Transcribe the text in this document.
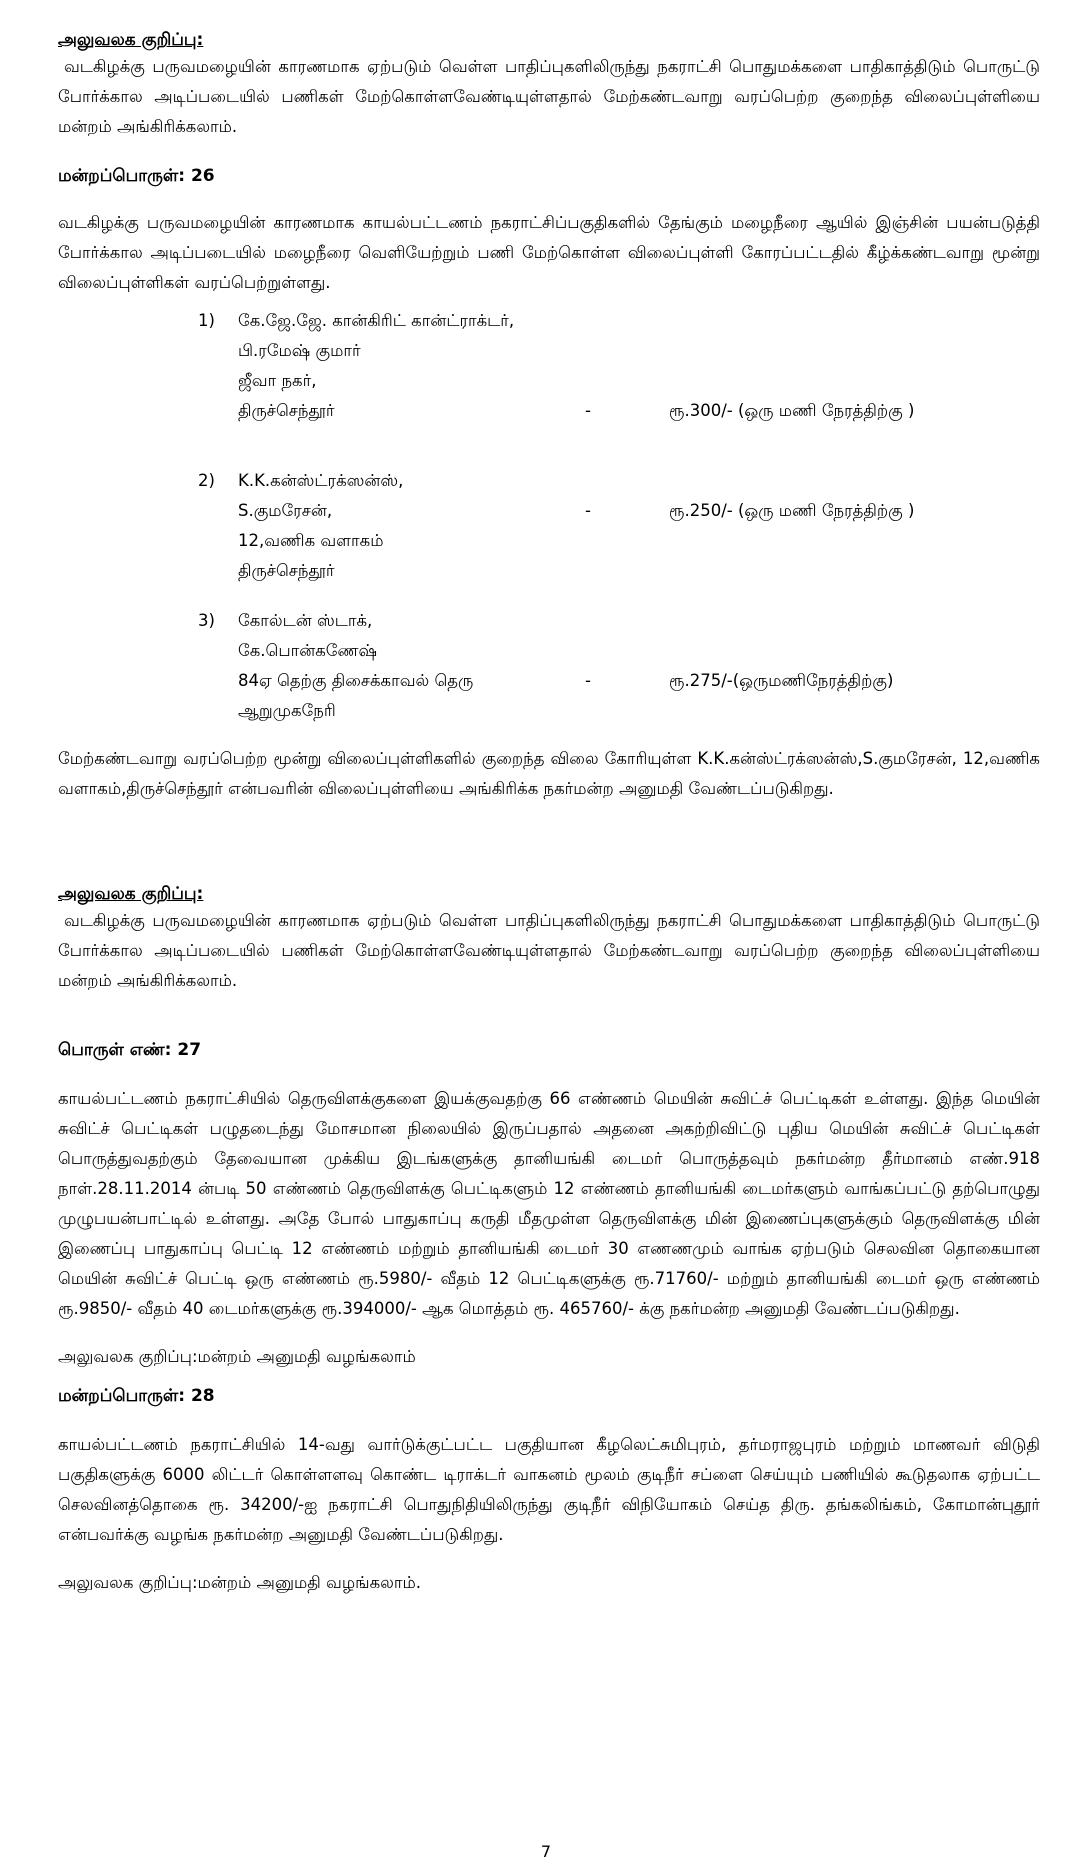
அலுவலக குறிப்பு:

வடகிழக்கு பருவமழையின் காரணமாக ஏற்படும் வெள்ள பாதிப்புகளிலிருந்து நகராட்சி பொதுமக்களை பாதிகாத்திடும் பொருட்டு போர்க்கால அடிப்படையில் பணிகள் மேற்கொள்ளவேண்டியுள்ளதால் மேற்கண்டவாறு வரப்பெற்ற குறைந்த விலைப்புள்ளியை மன்றம் அங்கிரிக்கலாம்.

மன்றப்பொருள்: 26

வடகிழக்கு பருவமழையின் காரணமாக காயல்பட்டணம் நகராட்சிப்பகுதிகளில் தேங்கும் மழைநீரை ஆயில் இஞ்சின் பயன்படுத்தி போர்க்கால அடிப்படையில் மழைநீரை வெளியேற்றும் பணி மேற்கொள்ள விலைப்புள்ளி கோரப்பட்டதில் கீழ்க்கண்டவாறு மூன்று விலைப்புள்ளிகள் வரப்பெற்றுள்ளது.

1)	கே.ஜே.ஜே. கான்கிரிட் கான்ட்ராக்டர்,
பி.ரமேஷ் குமார்
ஜீவா நகர்,
திருச்செந்தூர்	-	ரூ.300/- (ஒரு மணி நேரத்திற்கு )
2)	K.K.கன்ஸ்ட்ரக்ஸன்ஸ்,
S.குமரேசன்,
12,வணிக வளாகம்
திருச்செந்தூர்
-	ரூ.250/- (ஒரு மணி நேரத்திற்கு )
3)	கோல்டன் ஸ்டாக்,
கே.பொன்கணேஷ்
84ஏ தெற்கு திசைக்காவல் தெரு
ஆறுமுகநேரி
-	ரூ.275/-(ஒருமணிநேரத்திற்கு)

மேற்கண்டவாறு வரப்பெற்ற மூன்று விலைப்புள்ளிகளில் குறைந்த விலை கோரியுள்ள K.K.கன்ஸ்ட்ரக்ஸன்ஸ்,S.குமரேசன், 12,வணிக வளாகம்,திருச்செந்தூர் என்பவரின் விலைப்புள்ளியை அங்கிரிக்க நகர்மன்ற அனுமதி வேண்டப்படுகிறது.

அலுவலக குறிப்பு:

வடகிழக்கு பருவமழையின் காரணமாக ஏற்படும் வெள்ள பாதிப்புகளிலிருந்து நகராட்சி பொதுமக்களை பாதிகாத்திடும் பொருட்டு போர்க்கால அடிப்படையில் பணிகள் மேற்கொள்ளவேண்டியுள்ளதால் மேற்கண்டவாறு வரப்பெற்ற குறைந்த விலைப்புள்ளியை மன்றம் அங்கிரிக்கலாம்.

பொருள் எண்: 27

காயல்பட்டணம் நகராட்சியில் தெருவிளக்குகளை இயக்குவதற்கு 66 எண்ணம் மெயின் சுவிட்ச் பெட்டிகள் உள்ளது. இந்த மெயின் சுவிட்ச் பெட்டிகள் பழுதடைந்து மோசமான நிலையில் இருப்பதால் அதனை அகற்றிவிட்டு புதிய மெயின் சுவிட்ச் பெட்டிகள் பொருத்துவதற்கும் தேவையான முக்கிய இடங்களுக்கு தானியங்கி டைமர் பொருத்தவும் நகர்மன்ற தீர்மானம் எண்.918 நாள்.28.11.2014 ன்படி 50 எண்ணம் தெருவிளக்கு பெட்டிகளும் 12 எண்ணம் தானியங்கி டைமர்களும் வாங்கப்பட்டு தற்பொழுது முழுபயன்பாட்டில் உள்ளது. அதே போல் பாதுகாப்பு கருதி மீதமுள்ள தெருவிளக்கு மின் இணைப்புகளுக்கும் தெருவிளக்கு மின் இணைப்பு பாதுகாப்பு பெட்டி 12 எண்ணம் மற்றும் தானியங்கி டைமர் 30 எணணமும் வாங்க ஏற்படும் செலவின தொகையான மெயின் சுவிட்ச் பெட்டி ஒரு எண்ணம் ரூ.5980/- வீதம் 12 பெட்டிகளுக்கு ரூ.71760/- மற்றும் தானியங்கி டைமர் ஒரு எண்ணம் ரூ.9850/- வீதம் 40 டைமர்களுக்கு ரூ.394000/- ஆக மொத்தம் ரூ. 465760/- க்கு நகர்மன்ற அனுமதி வேண்டப்படுகிறது.

அலுவலக குறிப்பு:மன்றம் அனுமதி வழங்கலாம்

மன்றப்பொருள்: 28

காயல்பட்டணம் நகராட்சியில் 14-வது வார்டுக்குட்பட்ட பகுதியான கீழலெட்சுமிபுரம், தர்மராஜபுரம் மற்றும் மாணவர் விடுதி பகுதிகளுக்கு 6000 லிட்டர் கொள்ளளவு கொண்ட டிராக்டர் வாகனம் மூலம் குடிநீர் சப்ளை செய்யும் பணியில் கூடுதலாக ஏற்பட்ட செலவினத்தொகை ரூ. 34200/-ஐ நகராட்சி பொதுநிதியிலிருந்து குடிநீர் விநியோகம் செய்த திரு. தங்கலிங்கம், கோமான்புதூர் என்பவர்க்கு வழங்க நகர்மன்ற அனுமதி வேண்டப்படுகிறது.

அலுவலக குறிப்பு:மன்றம் அனுமதி வழங்கலாம்.

7
